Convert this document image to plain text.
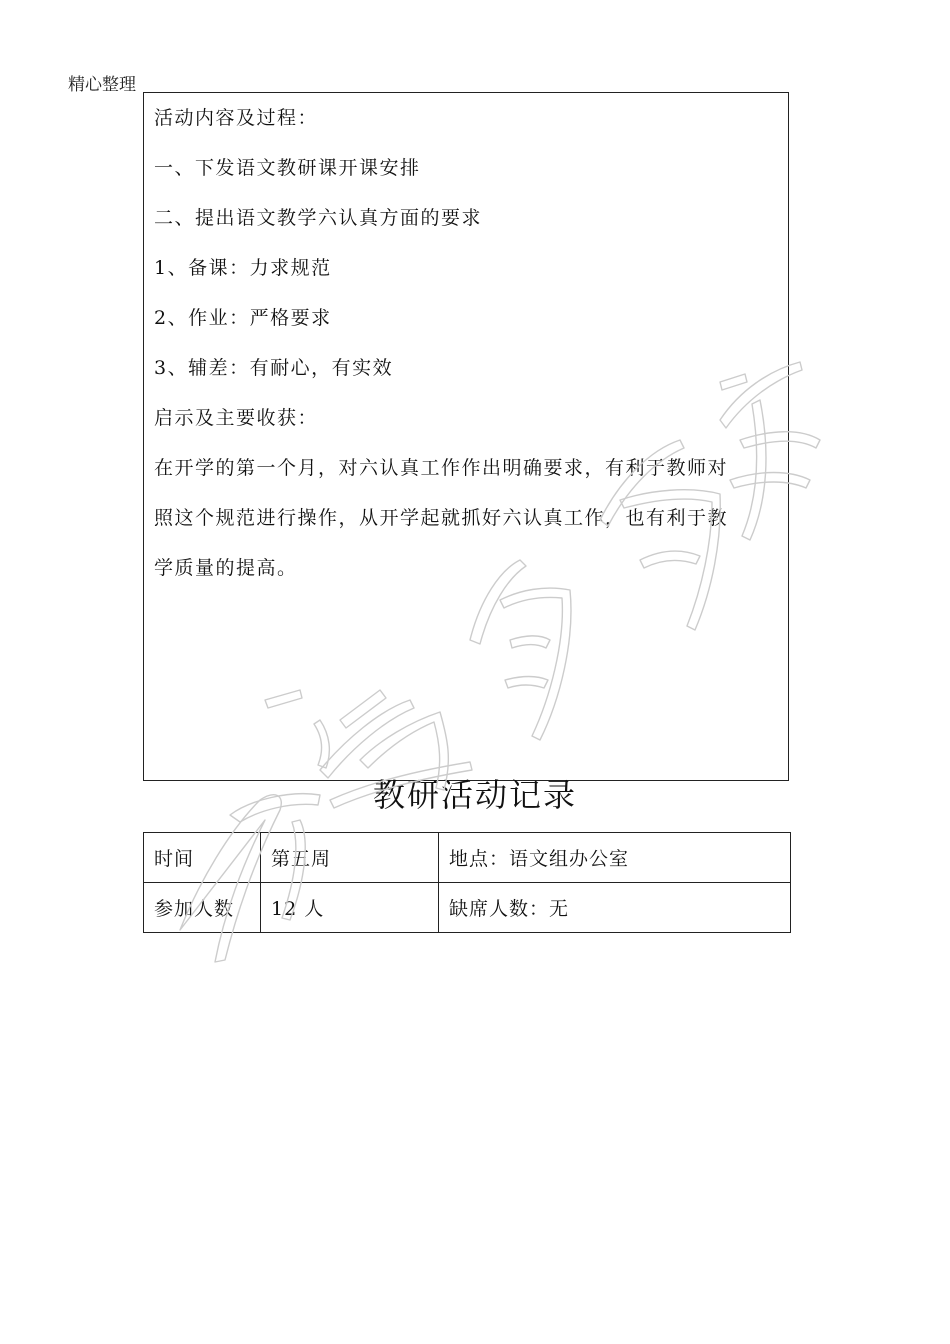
精心整理
活动内容及过程：
一、下发语文教研课开课安排
二、提出语文教学六认真方面的要求
1、备课：力求规范
2、作业：严格要求
3、辅差：有耐心，有实效
启示及主要收获：
在开学的第一个月，对六认真工作作出明确要求，有利于教师对
照这个规范进行操作，从开学起就抓好六认真工作，也有利于教
学质量的提高。
教研活动记录
时间	第五周	地点：语文组办公室
参加人数	12 人	缺席人数：无
